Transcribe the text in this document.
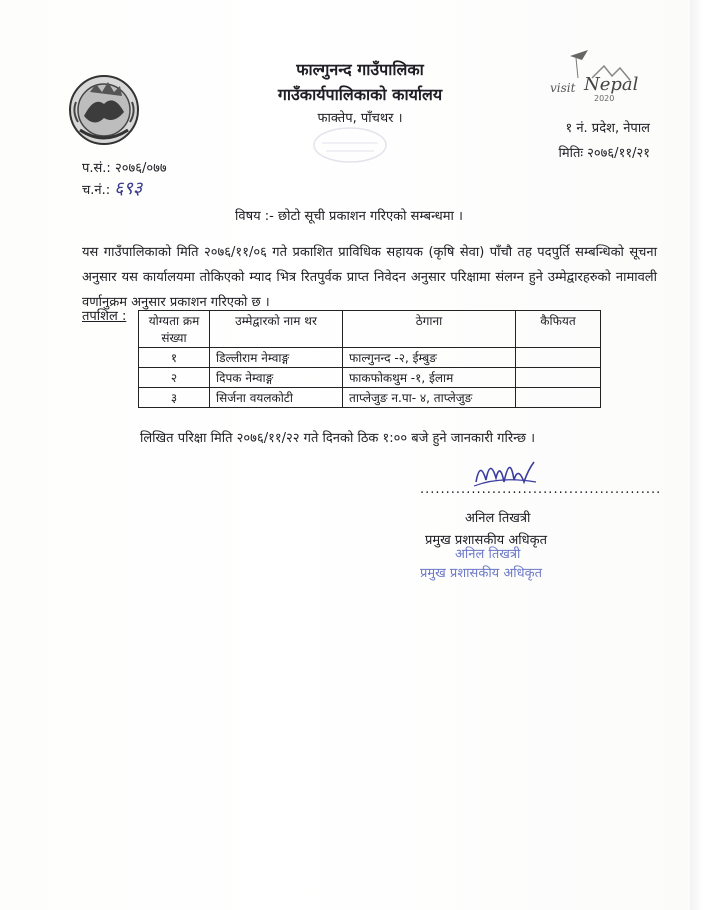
visit Nepal
2020
फाल्गुनन्द गाउँपालिका
गाउँकार्यपालिकाको कार्यालय
फाक्तेप, पाँचथर ।
१ नं. प्रदेश, नेपाल
मितिः २०७६/११/२१
प.सं.: २०७६/०७७
च.नं.: ६९३
विषय :- छोटो सूची प्रकाशन गरिएको सम्बन्धमा ।
यस गाउँपालिकाको मिति २०७६/११/०६ गते प्रकाशित प्राविधिक सहायक (कृषि सेवा) पाँचौ तह पदपुर्ति सम्बन्धिको सूचना अनुसार यस कार्यालयमा तोकिएको म्याद भित्र रितपुर्वक प्राप्त निवेदन अनुसार परिक्षामा संलग्न हुने उम्मेद्वारहरुको नामावली वर्णानुक्रम अनुसार प्रकाशन गरिएको छ ।
तपशिल : योग्यता क्रम संख्या	उम्मेद्वारको नाम थर	ठेगाना	कैफियत
१	डिल्लीराम नेम्वाङ्ग	फाल्गुनन्द -२, ईम्बुङ	
२	दिपक नेम्वाङ्ग	फाकफोकथुम -१, ईलाम	
३	सिर्जना वयलकोटी	ताप्लेजुङ न.पा- ४, ताप्लेजुङ	
लिखित परिक्षा मिति २०७६/११/२२ गते दिनको ठिक १:०० बजे हुने जानकारी गरिन्छ ।
...............................................
अनिल तिखत्री
प्रमुख प्रशासकीय अधिकृत
अनिल तिखत्री
प्रमुख प्रशासकीय अधिकृत
